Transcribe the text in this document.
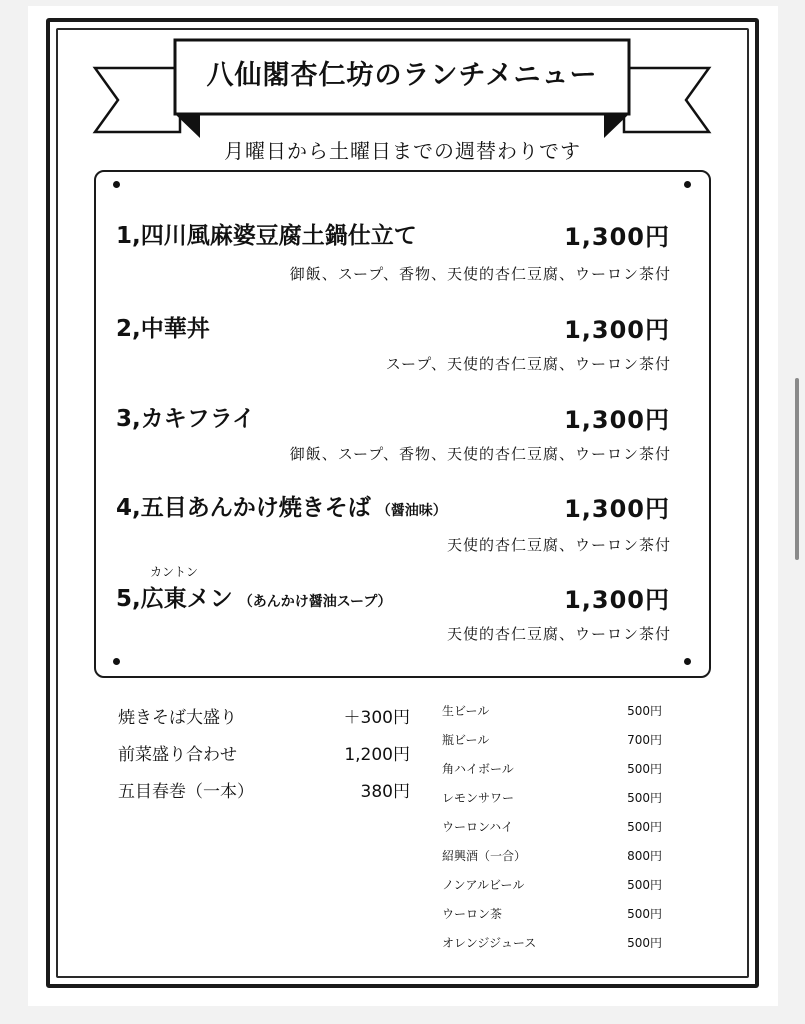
八仙閣杏仁坊のランチメニュー
月曜日から土曜日までの週替わりです
1,四川風麻婆豆腐土鍋仕立て	1,300円
御飯、スープ、香物、天使的杏仁豆腐、ウーロン茶付
2,中華丼	1,300円
スープ、天使的杏仁豆腐、ウーロン茶付
3,カキフライ	1,300円
御飯、スープ、香物、天使的杏仁豆腐、ウーロン茶付
4,五目あんかけ焼きそば （醤油味）	1,300円
天使的杏仁豆腐、ウーロン茶付
カントン
5,広東メン （あんかけ醤油スープ）	1,300円
天使的杏仁豆腐、ウーロン茶付
焼きそば大盛り	＋300円
前菜盛り合わせ	1,200円
五目春巻（一本）	380円
生ビール	500円
瓶ビール	700円
角ハイボール	500円
レモンサワー	500円
ウーロンハイ	500円
紹興酒（一合）	800円
ノンアルビール	500円
ウーロン茶	500円
オレンジジュース	500円
